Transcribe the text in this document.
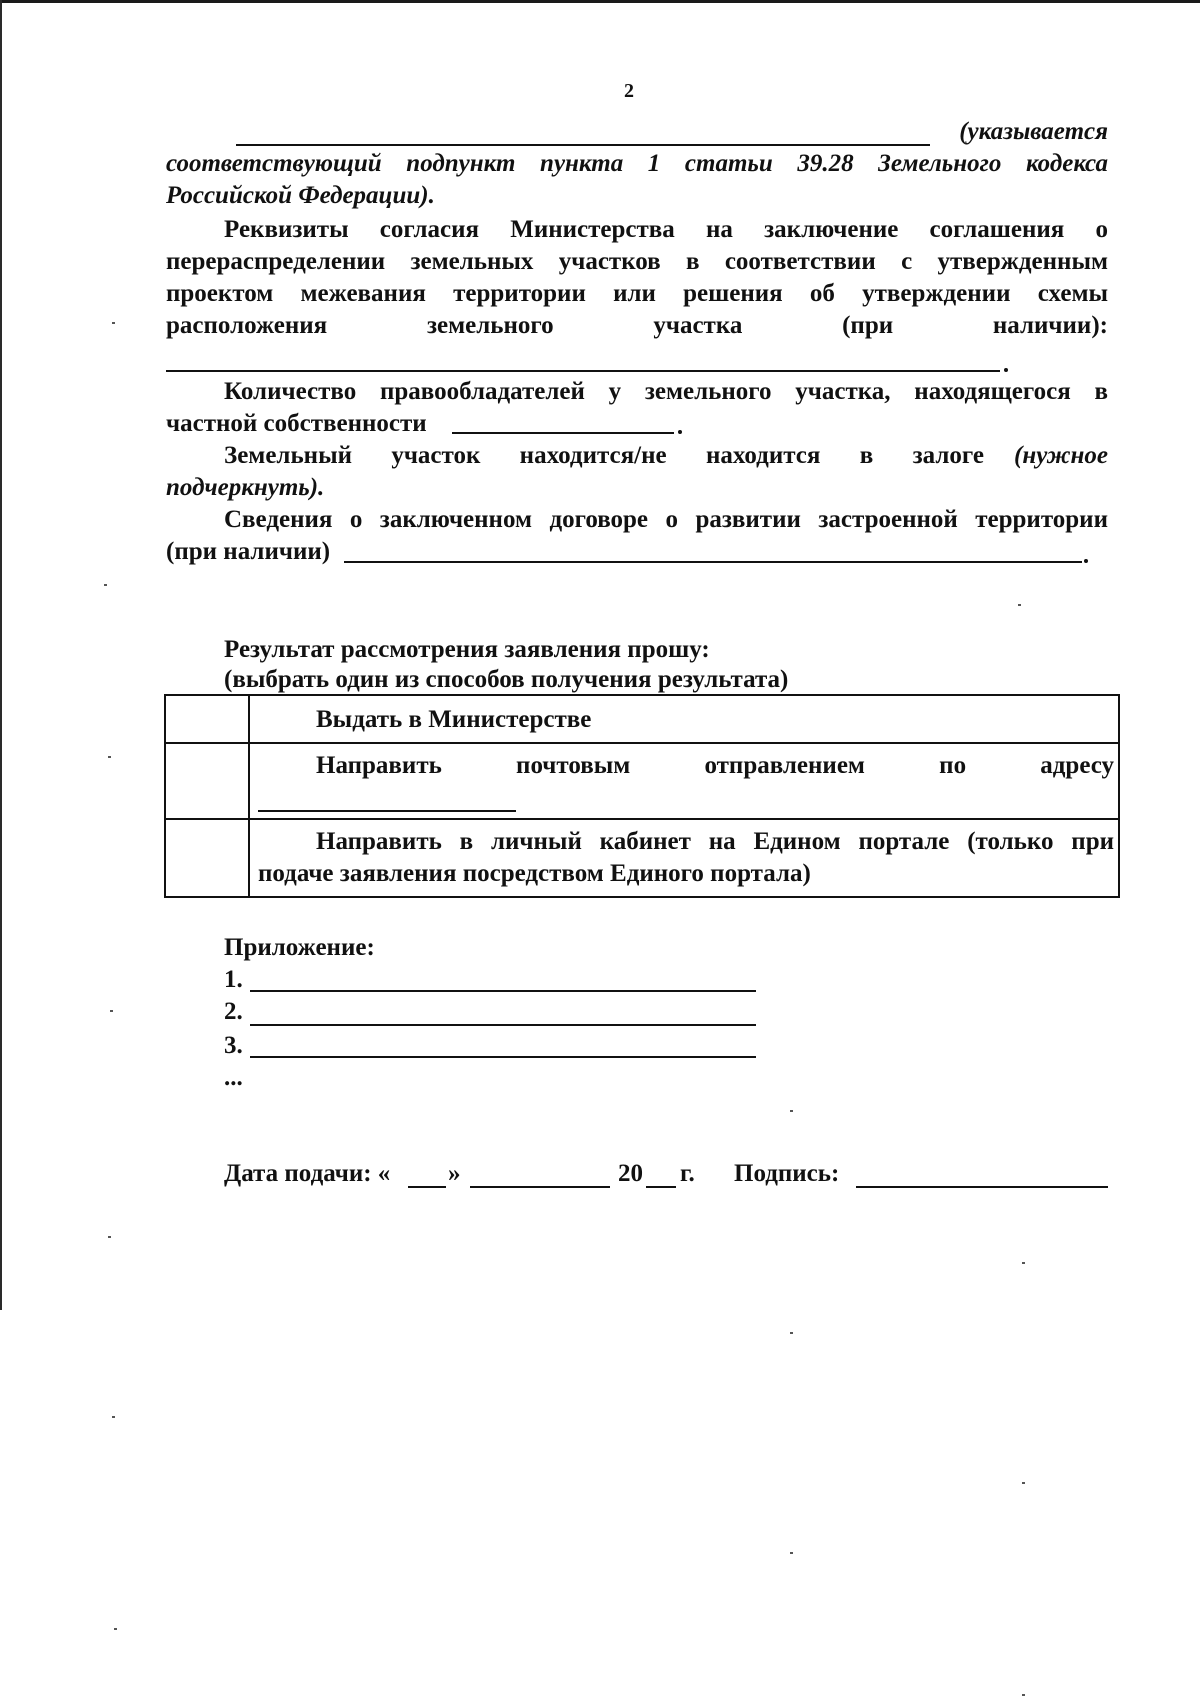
2
(указывается
соответствующий подпункт пункта 1 статьи 39.28 Земельного кодекса
Российской Федерации).
Реквизиты согласия Министерства на заключение соглашения о
перераспределении земельных участков в соответствии с утвержденным
проектом межевания территории или решения об утверждении схемы
расположения земельного участка (при наличии):
Количество правообладателей у земельного участка, находящегося в
частной собственности
Земельный участок находится/не находится в залоге (нужное
подчеркнуть).
Сведения о заключенном договоре о развитии застроенной территории
(при наличии)
Результат рассмотрения заявления прошу:
(выбрать один из способов получения результата)
Выдать в Министерстве
Направить почтовым отправлением по адресу
Направить в личный кабинет на Едином портале (только при
подаче заявления посредством Единого портала)
Приложение:
1.
2.
3.
...
Дата подачи: « »	20 г. Подпись:
